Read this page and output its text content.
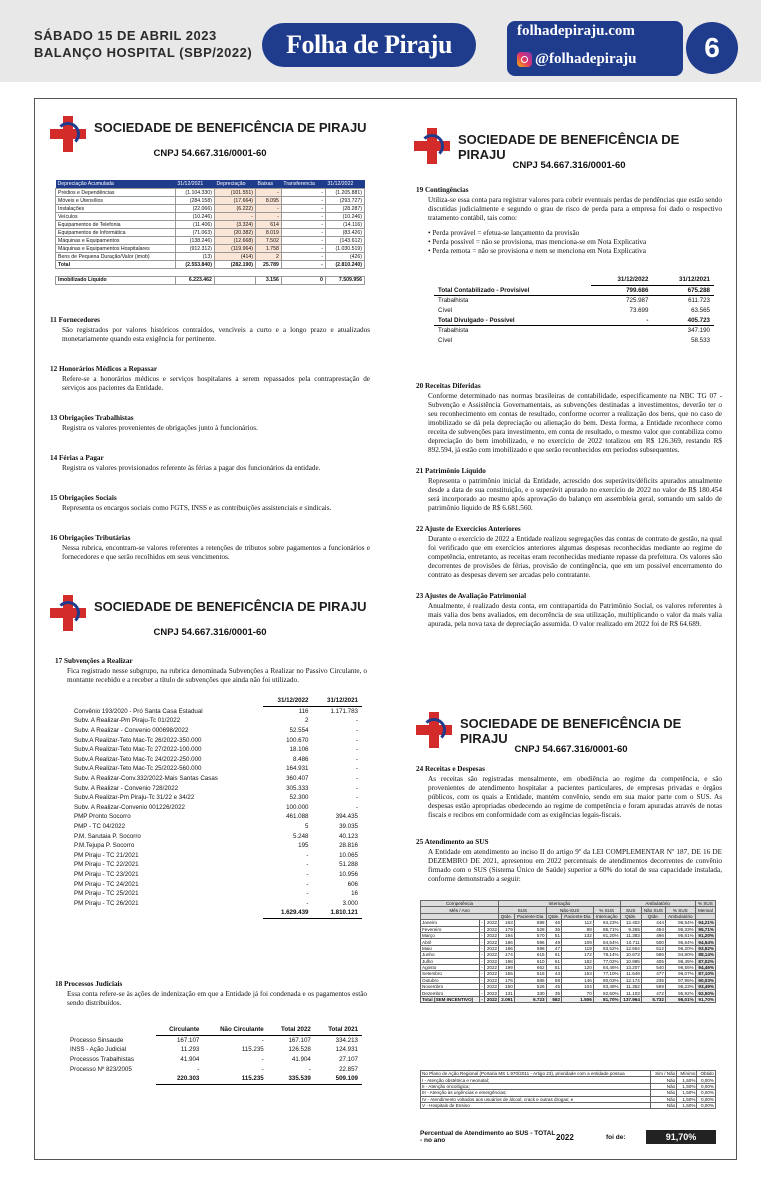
SÁBADO 15 DE ABRIL 2023
BALANÇO HOSPITAL (SBP/2022)	Folha de Piraju	folhadepiraju.com
@folhadepiraju	6
SOCIEDADE DE BENEFICÊNCIA DE PIRAJU
CNPJ 54.667.316/0001-60
Depreciação Acumulada	31/12/2021	Depreciação	Baixas	Transferencia	31/12/2022
Prédios e Dependências	(1.104.330)	(101.551)	-	-	(1.205.881)
Móveis e Utensílios	(284.158)	(17.664)	8.095	-	(293.727)
Instalações	(22.066)	(6.222)	-	-	(28.287)
Veículos	(10.246)	-	-	-	(10.246)
Equipamentos de Telefonia	(11.406)	(3.324)	614	-	(14.116)
Equipamentos de Informática	(71.063)	(20.382)	8.019	-	(83.426)
Máquinas e Equipamentos	(138.246)	(12.668)	7.502	-	(143.612)
Máquinas e Equipamentos Hospitalares	(912.312)	(119.964)	1.758	-	(1.030.519)
Bens de Pequena Duração/Valor (imob)	(13)	(414)	2	-	(426)
Total	(2.553.840)	(282.190)	25.789	-	(2.810.240)

Imobilizado Líquido	6.223.462		3.156	0	7.509.956
11 Fornecedores
São registrados por valores históricos contraídos, vencíveis a curto e a longo prazo e atualizados monetariamente quando esta exigência for pertinente.
12 Honorários Médicos a Repassar
Refere-se a honorários médicos e serviços hospitalares a serem repassados pela contraprestação de serviços aos pacientes da Entidade.
13 Obrigações Trabalhistas
Registra os valores provenientes de obrigações junto à funcionários.
14 Férias a Pagar
Registra os valores provisionados referente às férias a pagar dos funcionários da entidade.
15 Obrigações Sociais
Representa os encargos sociais como FGTS, INSS e as contribuições assistenciais e sindicais.
16 Obrigações Tributárias
Nessa rubrica, encontram-se valores referentes a retenções de tributos sobre pagamentos a funcionários e fornecedores e que serão recolhidos em seus vencimentos.
SOCIEDADE DE BENEFICÊNCIA DE PIRAJU
CNPJ 54.667.316/0001-60
17 Subvenções a Realizar
Fica registrado nesse subgrupo, na rubrica denominada Subvenções a Realizar no Passivo Circulante, o montante recebido e a receber a título de subvenções que ainda não foi utilizado.
	31/12/2022	31/12/2021
Convênio 193/2020 - Pró Santa Casa Estadual	116	1.171.783
Subv. A Realizar-Pm Piraju-Tc 01/2022	2	-
Subv. A Realizar - Convenio 000698/2022	52.554	-
Subv.A Realizar-Teto Mac-Tc 26/2022-350.000	100.670	-
Subv.A Realizar-Teto Mac-Tc 27/2022-100.000	18.106	-
Subv.A Realizar-Teto Mac-Tc 24/2022-250.000	8.486	-
Subv.A Realizar-Teto Mac-Tc 25/2022-560.000	164.931	-
Subv. A Realizar-Conv.332/2022-Mais Santas Casas	360.407	-
Subv. A Realizar - Convenio 728/2022	305.333	-
Subv.A Realizar-Pm Piraju-Tc 31/22 e 34/22	52.300	-
Subv. A Realizar-Convenio 001226/2022	100.000	-
PMP Pronto Socorro	461.088	394.435
PMP - TC 04/2022	5	39.035
P.M. Sarutaia P. Socorro	5.248	40.123
P.M.Tejupa P. Socorro	195	28.816
PM Piraju - TC 21/2021	-	10.065
PM Piraju - TC 22/2021	-	51.288
PM Piraju - TC 23/2021	-	10.956
PM Piraju - TC 24/2021	-	606
PM Piraju - TC 25/2021	-	16
PM Piraju - TC 26/2021	-	3.000
	1.629.439	1.810.121
18 Processos Judiciais
Essa conta refere-se às ações de indenização em que a Entidade já foi condenada e os pagamentos estão sendo distribuídos.
	Circulante	Não Circulante	Total 2022	Total 2021
Processo Sinsaude	167.107	-	167.107	334.213
INSS - Ação Judicial	11.293	115.235	126.528	124.931
Processos Trabalhistas	41.904	-	41.904	27.107
Processo Nº 823/2005	-	-	-	22.857
	220.303	115.235	335.539	509.109
SOCIEDADE DE BENEFICÊNCIA DE PIRAJU
CNPJ 54.667.316/0001-60
19 Contingências
Utiliza-se essa conta para registrar valores para cobrir eventuais perdas de pendências que estão sendo discutidas judicialmente e segundo o grau de risco de perda para a empresa foi dado o respectivo tratamento contábil, tais como:
• Perda provável = efetua-se lançamento da provisão
• Perda possível = não se provisiona, mas menciona-se em Nota Explicativa
• Perda remota = não se provisiona e nem se menciona em Nota Explicativa
	31/12/2022	31/12/2021
Total Contabilizado - Provisivel	799.686	675.288
Trabalhista	725.987	611.723
Cível	73.699	63.565
Total Divulgado - Possível	-	405.723
Trabalhista		347.190
Cível		58.533
20 Receitas Diferidas
Conforme determinado nas normas brasileiras de contabilidade, especificamente na NBC TG 07 - Subvenção e Assistência Governamentais, as subvenções destinadas a investimentos, deverão ter o seu reconhecimento em contas de resultado, conforme ocorrer a realização dos bens, que no caso de imobilizado se dá pela depreciação ou alienação do bem. Desta forma, a Entidade reconhece como receita de subvenções para investimento, em conta de resultado, o mesmo valor que contabiliza como depreciação do bem imobilizado, e no exercício de 2022 totalizou em R$ 126.369, restando R$ 892.594, já estão com imobilizado e que serão reconhecidos em períodos subsequentes.
21 Patrimônio Líquido
Representa o patrimônio inicial da Entidade, acrescido dos superávits/déficits apurados anualmente desde a data de sua constituição, e o superávit apurado no exercício de 2022 no valor de R$ 180.454 será incorporado ao mesmo após aprovação do balanço em assembleia geral, somando um saldo de patrimônio líquido de R$ 6.681.560.
22 Ajuste de Exercícios Anteriores
Durante o exercício de 2022 a Entidade realizou segregações das contas de contrato de gestão, na qual foi verificado que em exercícios anteriores algumas despesas reconhecidas mediante ao regime de competência, entretanto, as receitas eram reconhecidas mediante repasse da prefeitura. Os valores são decorrentes de provisões de férias, provisão de contingência, que em um possível encerramento do contrato as despesas devem ser arcadas pelo contratante.
23 Ajustes de Avaliação Patrimonial
Anualmente, é realizado desta conta, em contrapartida do Patrimônio Social, os valores referentes à mais valia dos bens avaliados, em decorrência de sua utilização, multiplicando o valor da mais valia apurada, pela nova taxa de depreciação assumida. O valor realizado em 2022 foi de R$ 64.689.
SOCIEDADE DE BENEFICÊNCIA DE PIRAJU
CNPJ 54.667.316/0001-60
24 Receitas e Despesas
As receitas são registradas mensalmente, em obediência ao regime da competência, e são provenientes de atendimento hospitalar a pacientes particulares, de empresas privadas e órgãos públicos, com os quais a Entidade, mantém convênio, sendo em sua maior parte com o SUS. As despesas estão apropriadas obedecendo ao regime de competência e foram apuradas através de notas fiscais e recibos em conformidade com as exigências legais-fiscais.
25 Atendimento ao SUS
A Entidade em atendimento ao inciso II do artigo 9º da LEI COMPLEMENTAR Nº 187, DE 16 DE DEZEMBRO DE 2021, apresentou em 2022 percentuais de atendimentos decorrentes de convênio firmado com o SUS (Sistema Único de Saúde) superior a 60% do total de sua capacidade instalada, conforme demonstrado a seguir:
Competência			Internação					Ambulatório			% SUS
Mês / Ano			SUS		Não-SUS		% SUS	SUS	Não SUS	% SUS	Mensal
			Qtde.	Paciente-Dia	Qtde.	Paciente-Dia	Internação	Qtde.	Qtde.	Ambulatório	
Janeiro	-	2022	163	598	46	112	84,23%	12.402	444	96,54%	94,21%
Fevereiro	-	2022	179	528	36	88	85,71%	9.265	454	95,33%	95,71%
Março	-	2022	194	570	51	132	81,20%	11.383	496	95,81%	91,20%
Abril	-	2022	186	596	49	109	84,54%	10.711	500	95,54%	94,54%
Maio	-	2022	186	598	47	119	83,52%	12.664	512	96,20%	93,52%
Junho	-	2022	174	615	61	172	78,14%	10.673	586	94,80%	88,14%
Julho	-	2022	198	610	61	182	77,02%	10.995	405	96,45%	87,02%
Agosto	-	2022	199	662	51	120	84,46%	13.207	540	96,55%	94,46%
Setembro	-	2022	155	515	43	153	77,10%	11.649	477	96,07%	87,10%
Outubro	-	2022	176	585	58	146	80,03%	12.174	235	97,95%	90,03%
Novembro	-	2022	150	526	45	104	83,49%	11.352	569	95,23%	93,49%
Dezembro	-	2022	131	330	35	70	82,50%	11.103	472	95,92%	92,50%
Total (SEM INCENTIVO)	-	2022	2.091	6.723	582	1.506	81,70%	137.964	5.732	96,01%	91,70%
No Plano de Ação Regional (Portaria MS 1.970/2011 - Artigo 23), prioridade com a entidade possua	Sim / Não	Mínimo	Obtido
I - Atenção obstétrica e neonatal;	Não	1,50%	0,00%
II - Atenção oncológica;	Não	1,50%	0,00%
III - Atenção às urgências e emergências;	Não	1,50%	0,00%
IV - Atendimento voltados aos usuários de álcool, crack e outras drogas; e	Não	1,50%	0,00%
V - Hospitais de Ensino	Não	1,50%	0,00%
Percentual de Atendimento ao SUS - TOTAL - no ano	2022	foi de:	91,70%
